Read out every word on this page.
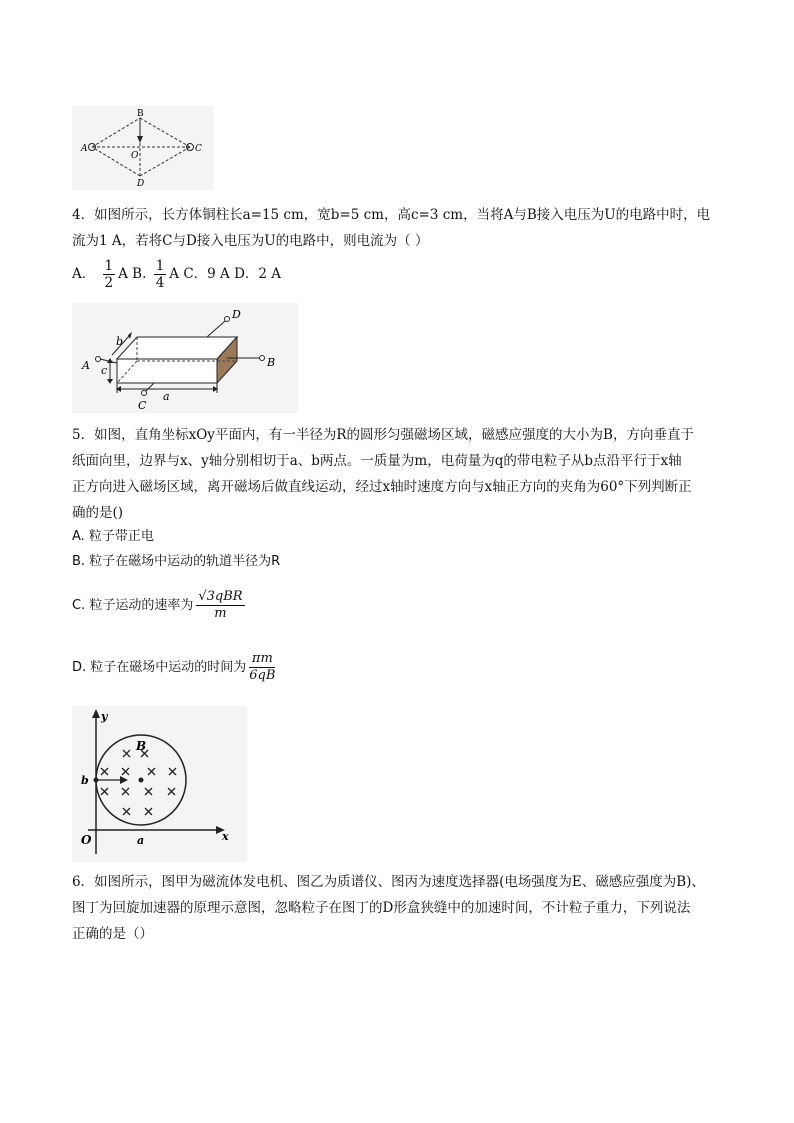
A
B
C
D
O
4．如图所示，长方体铜柱长a=15 cm，宽b=5 cm，高c=3 cm，当将A与B接入电压为U的电路中时，电
流为1 A，若将C与D接入电压为U的电路中，则电流为（ ）
A． $\frac{1}{2}$ A B. $\frac{1}{4}$ A C．9 A D．2 A
A	B
C
D
a
b
c
5．如图，直角坐标xOy平面内，有一半径为R的圆形匀强磁场区域，磁感应强度的大小为B，方向垂直于
纸面向里，边界与x、y轴分别相切于a、b两点。一质量为m，电荷量为q的带电粒子从b点沿平行于x轴
正方向进入磁场区域，离开磁场后做直线运动，经过x轴时速度方向与x轴正方向的夹角为60°下列判断正
确的是()
A. 粒子带正电
B. 粒子在磁场中运动的轨道半径为R
C. 粒子运动的速率为 $\frac{\text{√3qBR}}{m}$
D. 粒子在磁场中运动的时间为 $\frac{\pi m}{6qB}$
y
x
O	a
b
B
6．如图所示，图甲为磁流体发电机、图乙为质谱仪、图丙为速度选择器(电场强度为E、磁感应强度为B)、
图丁为回旋加速器的原理示意图，忽略粒子在图丁的D形盒狭缝中的加速时间，不计粒子重力，下列说法
正确的是（）
